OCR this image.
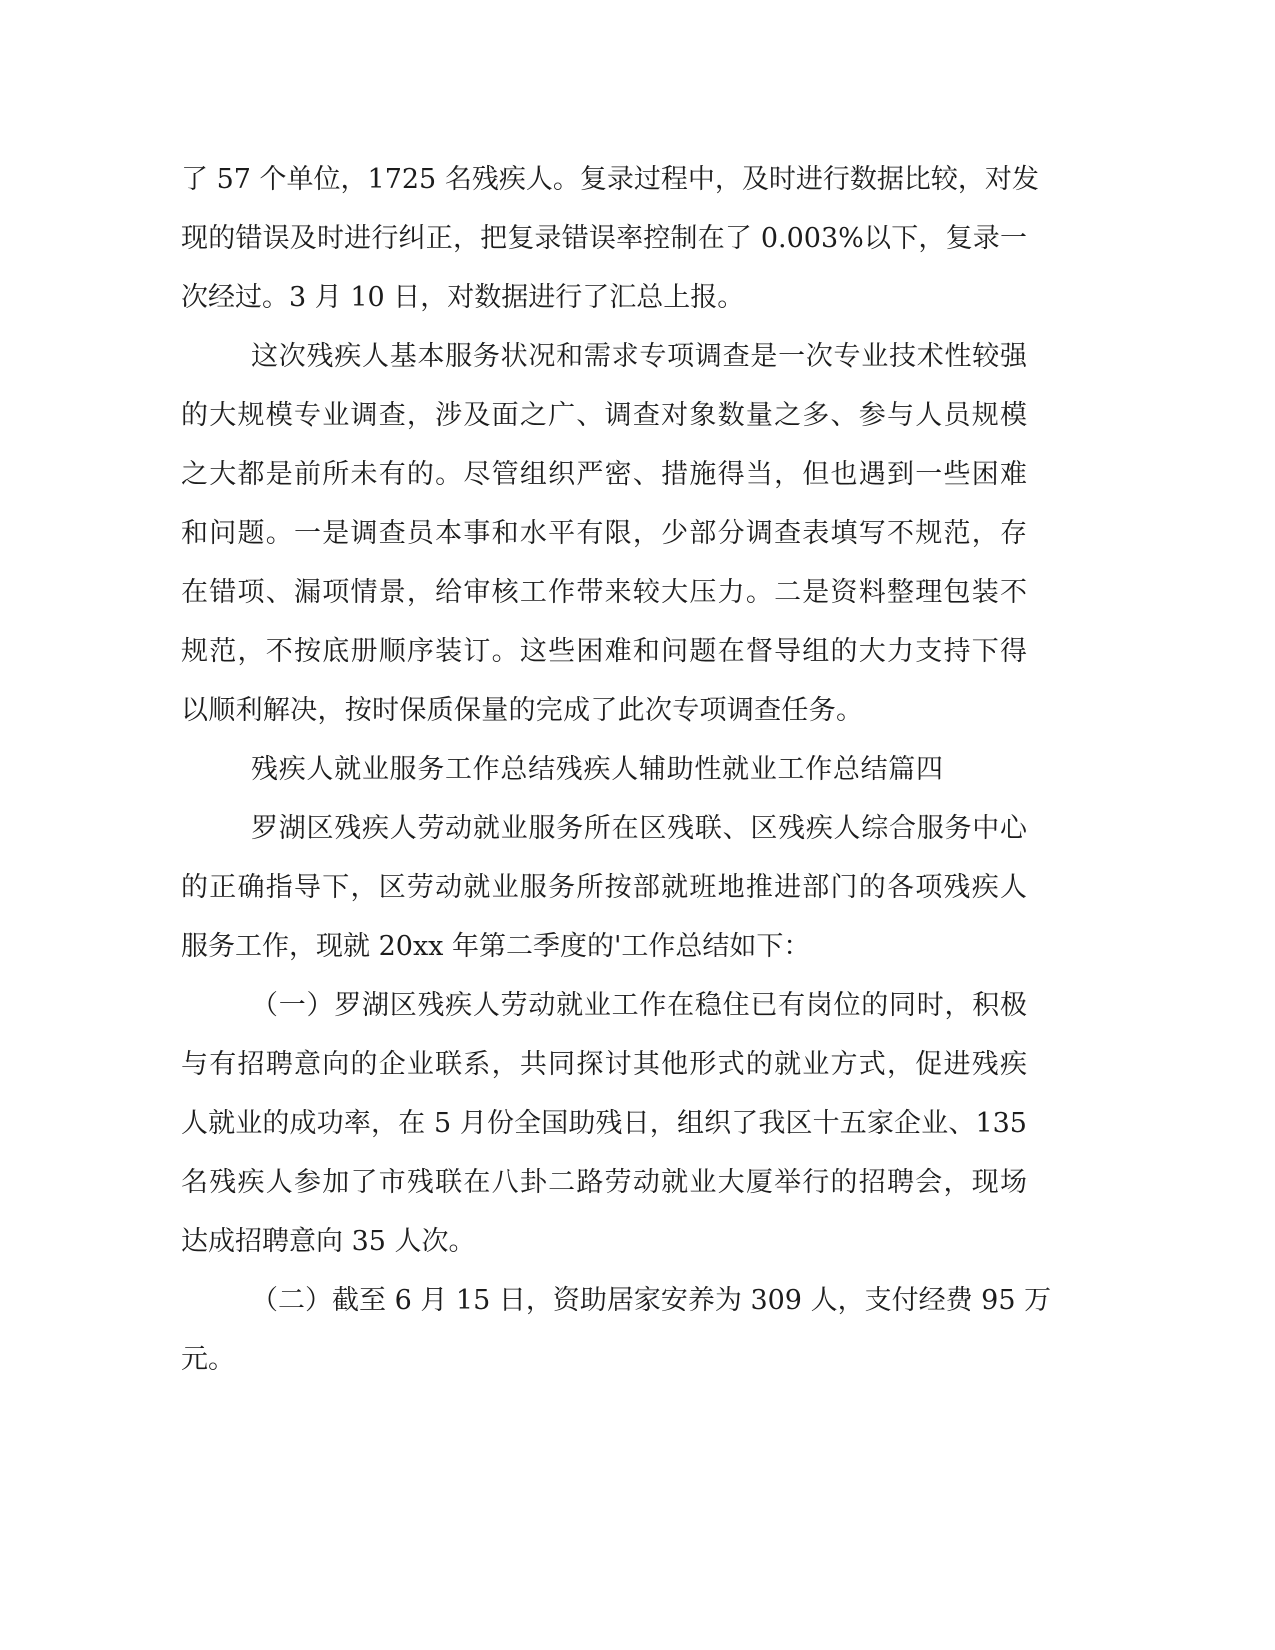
了 57 个单位，1725 名残疾人。复录过程中，及时进行数据比较，对发
现的错误及时进行纠正，把复录错误率控制在了 0.003%以下，复录一
次经过。3 月 10 日，对数据进行了汇总上报。
这次残疾人基本服务状况和需求专项调查是一次专业技术性较强
的大规模专业调查，涉及面之广、调查对象数量之多、参与人员规模
之大都是前所未有的。尽管组织严密、措施得当，但也遇到一些困难
和问题。一是调查员本事和水平有限，少部分调查表填写不规范，存
在错项、漏项情景，给审核工作带来较大压力。二是资料整理包装不
规范，不按底册顺序装订。这些困难和问题在督导组的大力支持下得
以顺利解决，按时保质保量的完成了此次专项调查任务。
残疾人就业服务工作总结残疾人辅助性就业工作总结篇四
罗湖区残疾人劳动就业服务所在区残联、区残疾人综合服务中心
的正确指导下，区劳动就业服务所按部就班地推进部门的各项残疾人
服务工作，现就 20xx 年第二季度的'工作总结如下：
（一）罗湖区残疾人劳动就业工作在稳住已有岗位的同时，积极
与有招聘意向的企业联系，共同探讨其他形式的就业方式，促进残疾
人就业的成功率，在 5 月份全国助残日，组织了我区十五家企业、135
名残疾人参加了市残联在八卦二路劳动就业大厦举行的招聘会，现场
达成招聘意向 35 人次。
（二）截至 6 月 15 日，资助居家安养为 309 人，支付经费 95 万
元。
